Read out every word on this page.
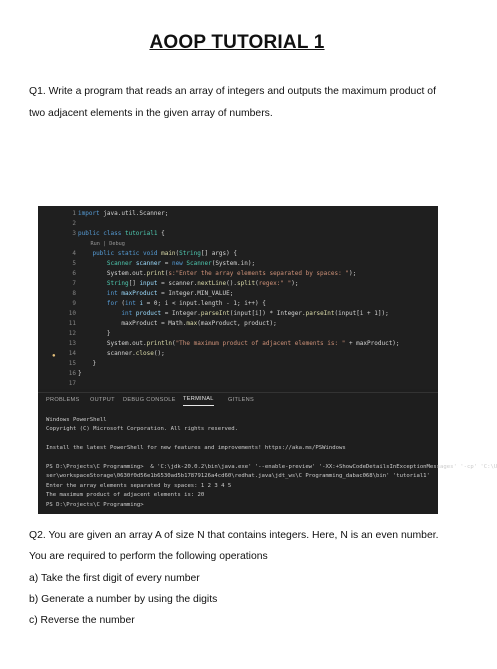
AOOP TUTORIAL 1
Q1. Write a program that reads an array of integers and outputs the maximum product of
two adjacent elements in the given array of numbers.
●
1 import java.util.Scanner;
2
3 public class tutorial1 {
Run | Debug
4	public static void main(String[] args) {
5	Scanner scanner = new Scanner(System.in);
6 System.out.print(s:"Enter the array elements separated by spaces: ");
7	String[] input = scanner.nextLine().split(regex:" ");
8	int maxProduct = Integer.MIN_VALUE;
9	for (int i = 0; i < input.length - 1; i++) {
10	int product = Integer.parseInt(input[i]) * Integer.parseInt(input[i + 1]);
11 maxProduct = Math.max(maxProduct, product);
12 }
13 System.out.println("The maximum product of adjacent elements is: " + maxProduct);
14 scanner.close();
15 }
16 }
17
PROBLEMS OUTPUT DEBUG CONSOLE TERMINAL	GITLENS
Windows PowerShell
Copyright (C) Microsoft Corporation. All rights reserved.
Install the latest PowerShell for new features and improvements! https://aka.ms/PSWindows
PS D:\Projects\C Programming>  & 'C:\jdk-20.0.2\bin\java.exe' '--enable-preview' '-XX:+ShowCodeDetailsInExceptionMessages' '-cp' 'C:\U
ser\workspaceStorage\0630f0d56e1b6530ad5b17879126a4cd60\redhat.java\jdt_ws\C Programming_dabac068\bin' 'tutorial1'
Enter the array elements separated by spaces: 1 2 3 4 5
The maximum product of adjacent elements is: 20
PS D:\Projects\C Programming>
Q2. You are given an array A of size N that contains integers. Here, N is an even number.
You are required to perform the following operations
a) Take the first digit of every number
b) Generate a number by using the digits
c) Reverse the number
